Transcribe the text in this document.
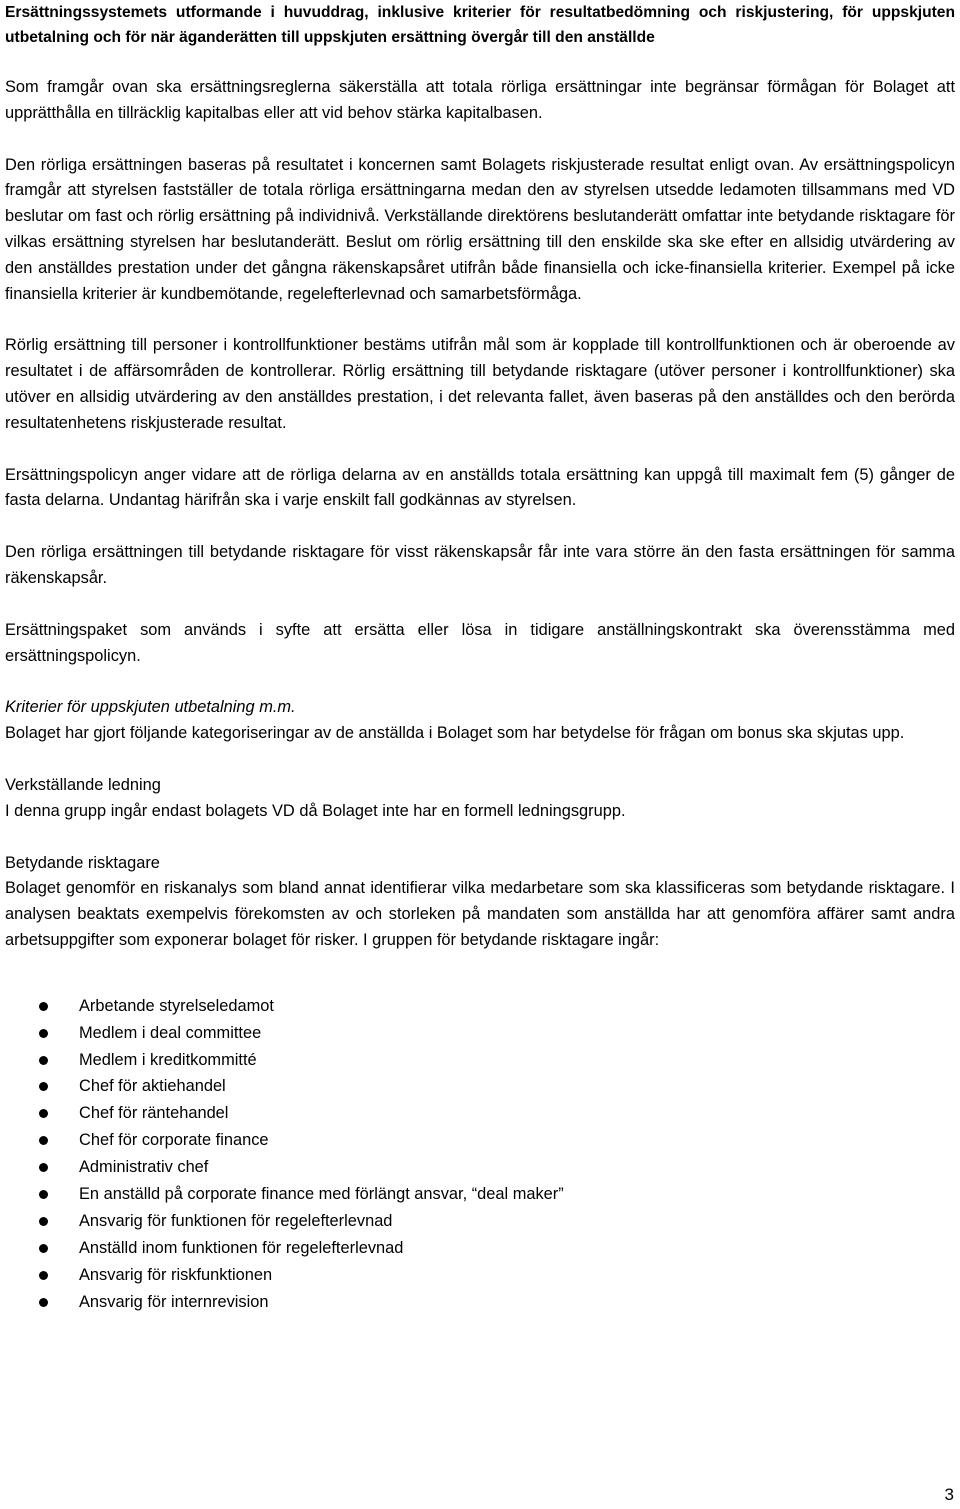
Ersättningssystemets utformande i huvuddrag, inklusive kriterier för resultatbedömning och riskjustering, för uppskjuten utbetalning och för när äganderätten till uppskjuten ersättning övergår till den anställde

Som framgår ovan ska ersättningsreglerna säkerställa att totala rörliga ersättningar inte begränsar förmågan för Bolaget att upprätthålla en tillräcklig kapitalbas eller att vid behov stärka kapitalbasen.

Den rörliga ersättningen baseras på resultatet i koncernen samt Bolagets riskjusterade resultat enligt ovan. Av ersättningspolicyn framgår att styrelsen fastställer de totala rörliga ersättningarna medan den av styrelsen utsedde ledamoten tillsammans med VD beslutar om fast och rörlig ersättning på individnivå. Verkställande direktörens beslutanderätt omfattar inte betydande risktagare för vilkas ersättning styrelsen har beslutanderätt. Beslut om rörlig ersättning till den enskilde ska ske efter en allsidig utvärdering av den anställdes prestation under det gångna räkenskapsåret utifrån både finansiella och icke-finansiella kriterier. Exempel på icke finansiella kriterier är kundbemötande, regelefterlevnad och samarbetsförmåga.

Rörlig ersättning till personer i kontrollfunktioner bestäms utifrån mål som är kopplade till kontrollfunktionen och är oberoende av resultatet i de affärsområden de kontrollerar. Rörlig ersättning till betydande risktagare (utöver personer i kontrollfunktioner) ska utöver en allsidig utvärdering av den anställdes prestation, i det relevanta fallet, även baseras på den anställdes och den berörda resultatenhetens riskjusterade resultat.

Ersättningspolicyn anger vidare att de rörliga delarna av en anställds totala ersättning kan uppgå till maximalt fem (5) gånger de fasta delarna. Undantag härifrån ska i varje enskilt fall godkännas av styrelsen.

Den rörliga ersättningen till betydande risktagare för visst räkenskapsår får inte vara större än den fasta ersättningen för samma räkenskapsår.

Ersättningspaket som används i syfte att ersätta eller lösa in tidigare anställningskontrakt ska överensstämma med ersättningspolicyn.

Kriterier för uppskjuten utbetalning m.m.

Bolaget har gjort följande kategoriseringar av de anställda i Bolaget som har betydelse för frågan om bonus ska skjutas upp.

Verkställande ledning

I denna grupp ingår endast bolagets VD då Bolaget inte har en formell ledningsgrupp.

Betydande risktagare

Bolaget genomför en riskanalys som bland annat identifierar vilka medarbetare som ska klassificeras som betydande risktagare. I analysen beaktats exempelvis förekomsten av och storleken på mandaten som anställda har att genomföra affärer samt andra arbetsuppgifter som exponerar bolaget för risker. I gruppen för betydande risktagare ingår:

Arbetande styrelseledamot
Medlem i deal committee
Medlem i kreditkommitté
Chef för aktiehandel
Chef för räntehandel
Chef för corporate finance
Administrativ chef
En anställd på corporate finance med förlängt ansvar, “deal maker”
Ansvarig för funktionen för regelefterlevnad
Anställd inom funktionen för regelefterlevnad
Ansvarig för riskfunktionen
Ansvarig för internrevision
3
